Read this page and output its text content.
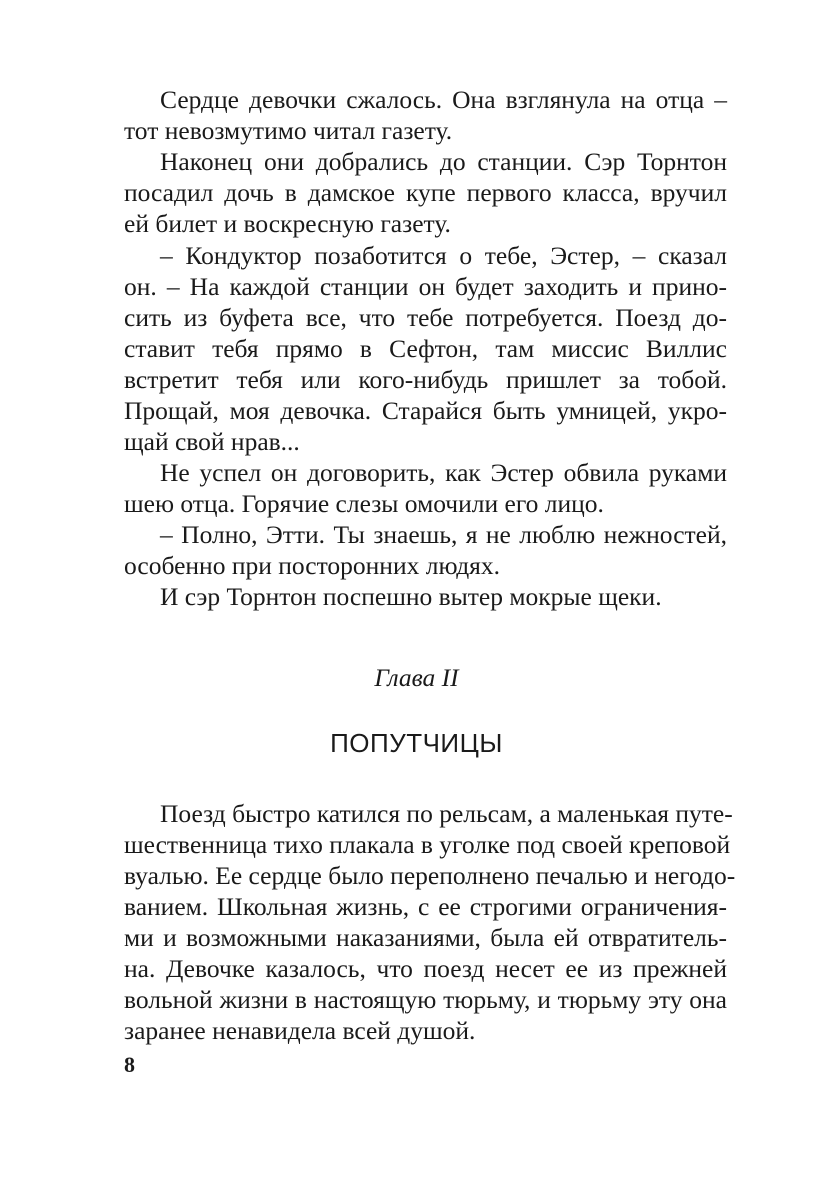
Сердце девочки сжалось. Она взглянула на отца –
тот невозмутимо читал газету.
Наконец они добрались до станции. Сэр Торнтон
посадил дочь в дамское купе первого класса, вручил
ей билет и воскресную газету.
– Кондуктор позаботится о тебе, Эстер, – сказал
он. – На каждой станции он будет заходить и прино-
сить из буфета все, что тебе потребуется. Поезд до-
ставит тебя прямо в Сефтон, там миссис Виллис
встретит тебя или кого-нибудь пришлет за тобой.
Прощай, моя девочка. Старайся быть умницей, укро-
щай свой нрав...
Не успел он договорить, как Эстер обвила руками
шею отца. Горячие слезы омочили его лицо.
– Полно, Этти. Ты знаешь, я не люблю нежностей,
особенно при посторонних людях.
И сэр Торнтон поспешно вытер мокрые щеки.
Глава II
ПОПУТЧИЦЫ
Поезд быстро катился по рельсам, а маленькая путе-
шественница тихо плакала в уголке под своей креповой
вуалью. Ее сердце было переполнено печалью и негодо-
ванием. Школьная жизнь, с ее строгими ограничения-
ми и возможными наказаниями, была ей отвратитель-
на. Девочке казалось, что поезд несет ее из прежней
вольной жизни в настоящую тюрьму, и тюрьму эту она
заранее ненавидела всей душой.
8
